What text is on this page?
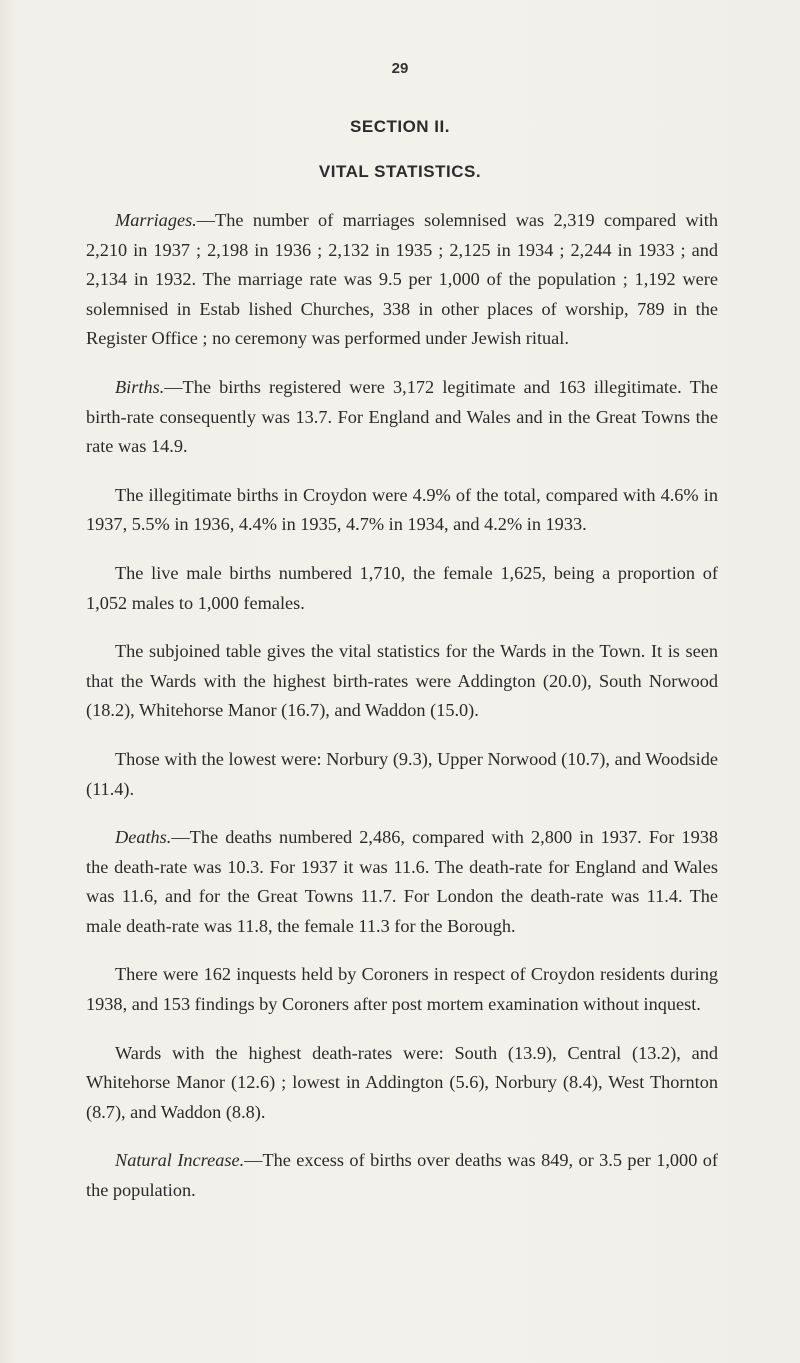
29
SECTION II.
VITAL STATISTICS.

Marriages.—The number of marriages solemnised was 2,319 compared with 2,210 in 1937 ; 2,198 in 1936 ; 2,132 in 1935 ; 2,125 in 1934 ; 2,244 in 1933 ; and 2,134 in 1932. The marriage rate was 9.5 per 1,000 of the population ; 1,192 were solemnised in Estab lished Churches, 338 in other places of worship, 789 in the Register Office ; no ceremony was performed under Jewish ritual.

Births.—The births registered were 3,172 legitimate and 163 illegitimate. The birth-rate consequently was 13.7. For England and Wales and in the Great Towns the rate was 14.9.

The illegitimate births in Croydon were 4.9% of the total, compared with 4.6% in 1937, 5.5% in 1936, 4.4% in 1935, 4.7% in 1934, and 4.2% in 1933.

The live male births numbered 1,710, the female 1,625, being a proportion of 1,052 males to 1,000 females.

The subjoined table gives the vital statistics for the Wards in the Town. It is seen that the Wards with the highest birth-rates were Addington (20.0), South Norwood (18.2), Whitehorse Manor (16.7), and Waddon (15.0).

Those with the lowest were: Norbury (9.3), Upper Norwood (10.7), and Woodside (11.4).

Deaths.—The deaths numbered 2,486, compared with 2,800 in 1937. For 1938 the death-rate was 10.3. For 1937 it was 11.6. The death-rate for England and Wales was 11.6, and for the Great Towns 11.7. For London the death-rate was 11.4. The male death-rate was 11.8, the female 11.3 for the Borough.

There were 162 inquests held by Coroners in respect of Croydon residents during 1938, and 153 findings by Coroners after post mortem examination without inquest.

Wards with the highest death-rates were: South (13.9), Central (13.2), and Whitehorse Manor (12.6) ; lowest in Addington (5.6), Norbury (8.4), West Thornton (8.7), and Waddon (8.8).

Natural Increase.—The excess of births over deaths was 849, or 3.5 per 1,000 of the population.
